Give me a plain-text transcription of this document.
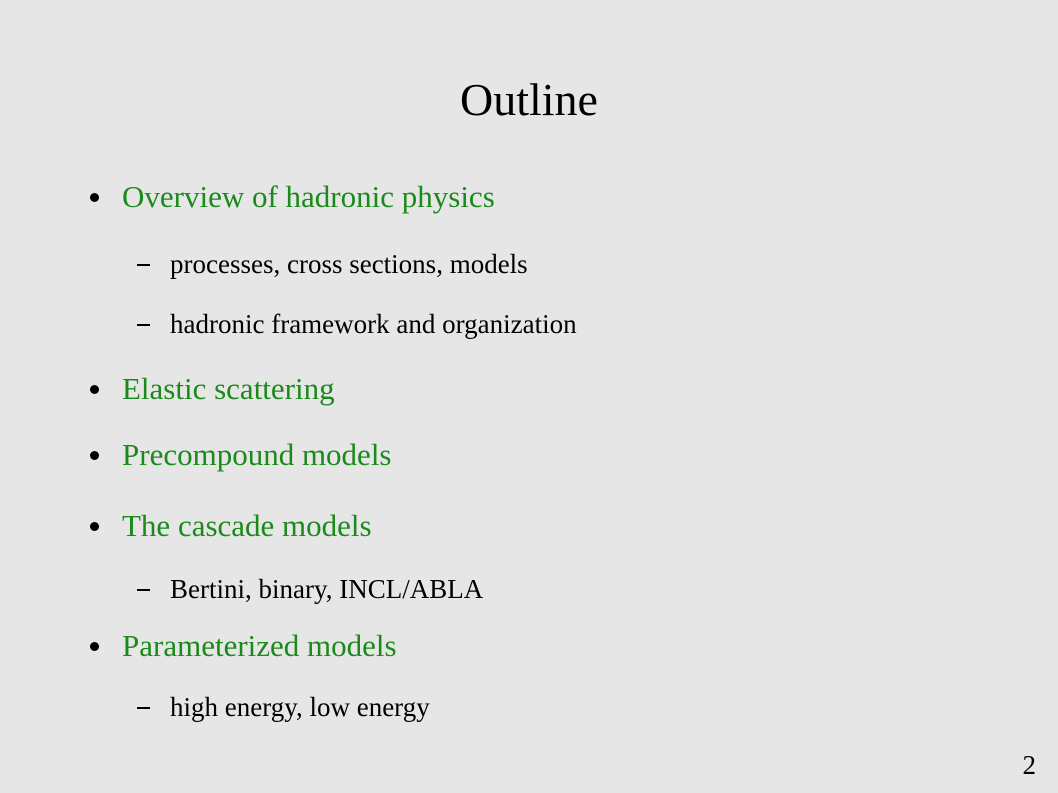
Outline
Overview of hadronic physics
processes, cross sections, models
hadronic framework and organization
Elastic scattering
Precompound models
The cascade models
Bertini, binary, INCL/ABLA
Parameterized models
high energy, low energy
2
